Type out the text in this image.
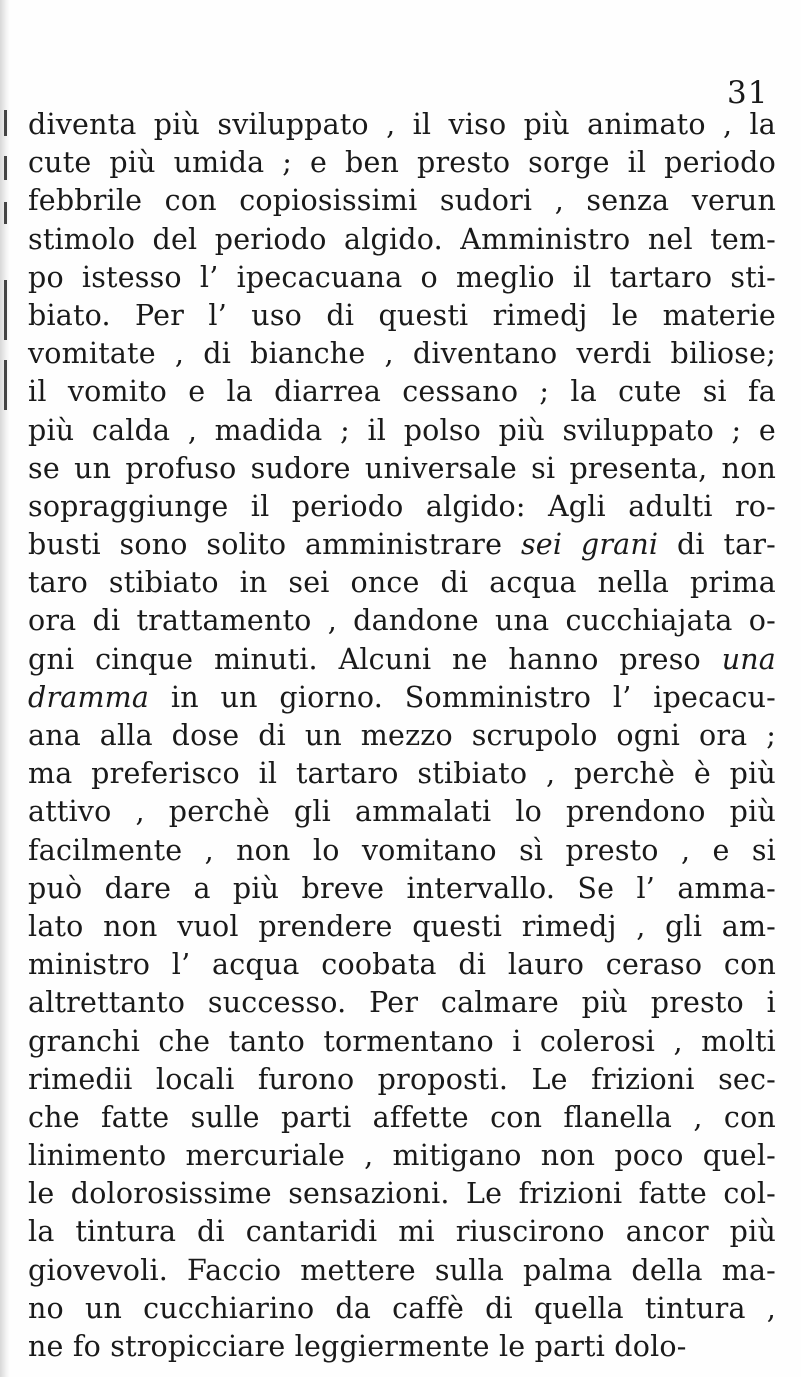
31
diventa più sviluppato , il viso più animato , la
cute più umida ; e ben presto sorge il periodo
febbrile con copiosissimi sudori , senza verun
stimolo del periodo algido. Amministro nel tem-
po istesso l’ ipecacuana o meglio il tartaro sti-
biato. Per l’ uso di questi rimedj le materie
vomitate , di bianche , diventano verdi biliose;
il vomito e la diarrea cessano ; la cute si fa
più calda , madida ; il polso più sviluppato ; e
se un profuso sudore universale si presenta, non
sopraggiunge il periodo algido: Agli adulti ro-
busti sono solito amministrare sei grani di tar-
taro stibiato in sei once di acqua nella prima
ora di trattamento , dandone una cucchiajata o-
gni cinque minuti. Alcuni ne hanno preso una
dramma in un giorno. Somministro l’ ipecacu-
ana alla dose di un mezzo scrupolo ogni ora ;
ma preferisco il tartaro stibiato , perchè è più
attivo , perchè gli ammalati lo prendono più
facilmente , non lo vomitano sì presto , e si
può dare a più breve intervallo. Se l’ amma-
lato non vuol prendere questi rimedj , gli am-
ministro l’ acqua coobata di lauro ceraso con
altrettanto successo. Per calmare più presto i
granchi che tanto tormentano i colerosi , molti
rimedii locali furono proposti. Le frizioni sec-
che fatte sulle parti affette con flanella , con
linimento mercuriale , mitigano non poco quel-
le dolorosissime sensazioni. Le frizioni fatte col-
la tintura di cantaridi mi riuscirono ancor più
giovevoli. Faccio mettere sulla palma della ma-
no un cucchiarino da caffè di quella tintura ,
ne fo stropicciare leggiermente le parti dolo-
